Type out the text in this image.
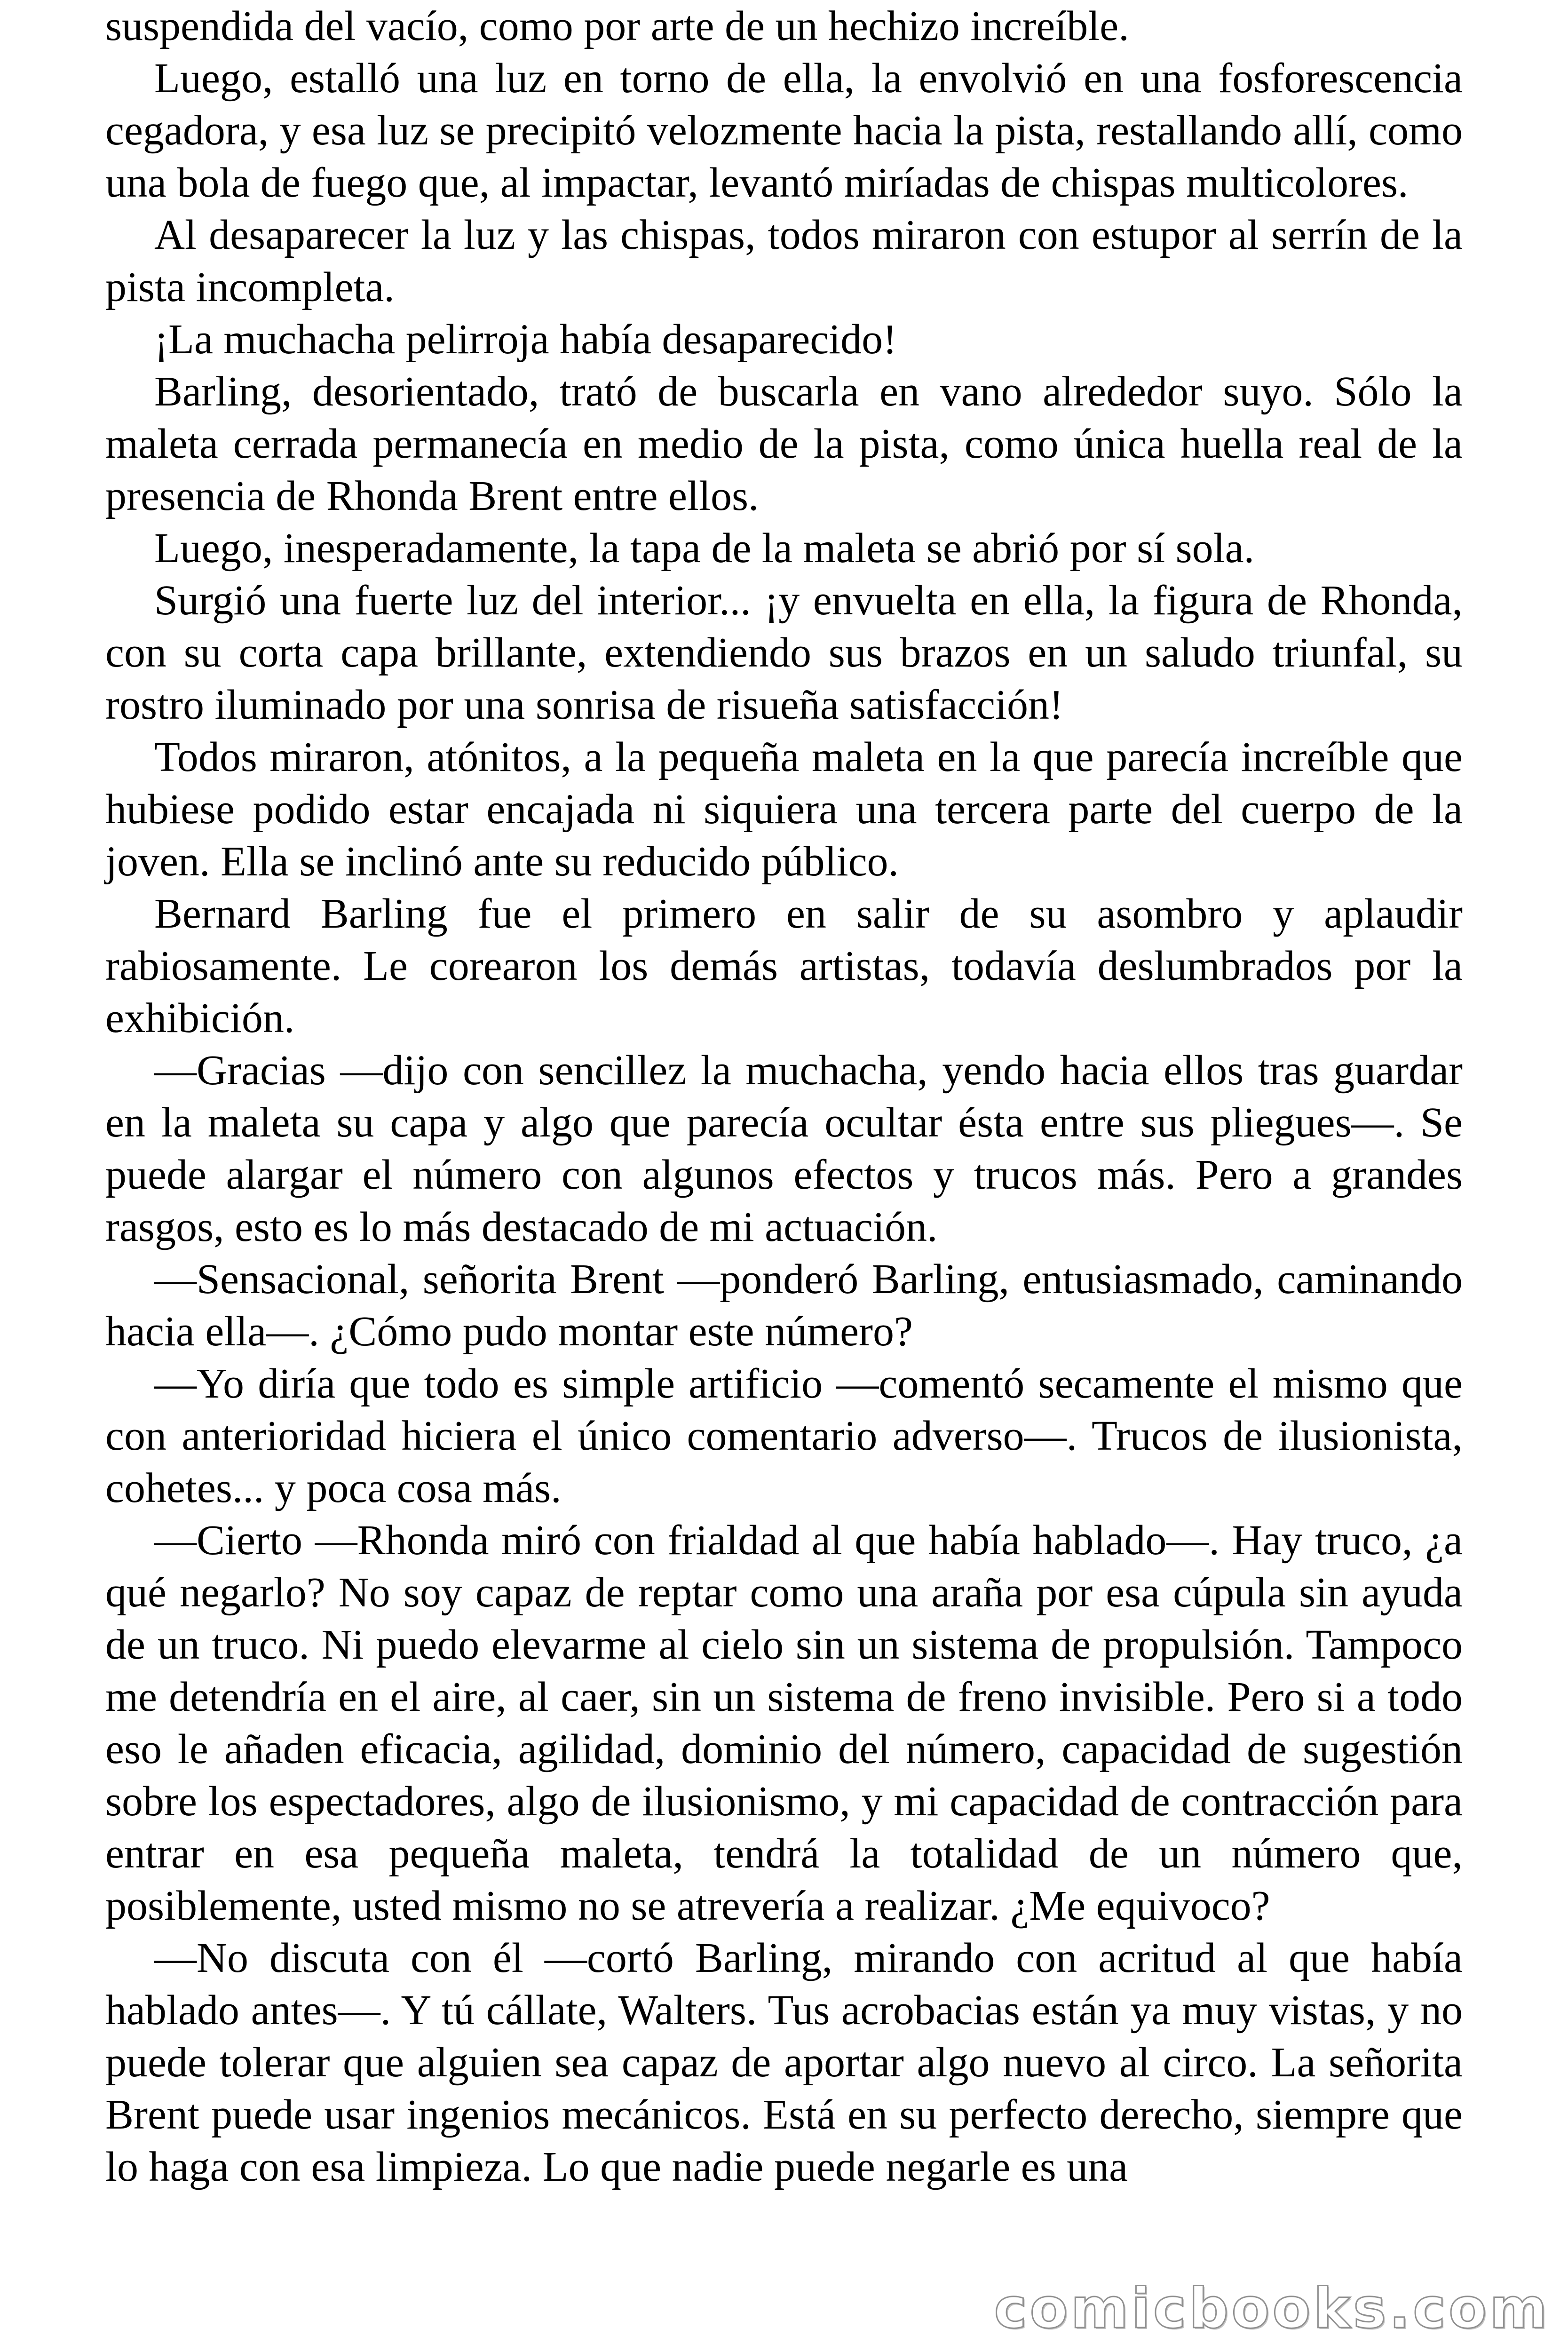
suspendida del vacío, como por arte de un hechizo increíble.

Luego, estalló una luz en torno de ella, la envolvió en una fosforescencia cegadora, y esa luz se precipitó velozmente hacia la pista, restallando allí, como una bola de fuego que, al impactar, levantó miríadas de chispas multicolores.

Al desaparecer la luz y las chispas, todos miraron con estupor al serrín de la pista incompleta.

¡La muchacha pelirroja había desaparecido!

Barling, desorientado, trató de buscarla en vano alrededor suyo. Sólo la maleta cerrada permanecía en medio de la pista, como única huella real de la presencia de Rhonda Brent entre ellos.

Luego, inesperadamente, la tapa de la maleta se abrió por sí sola.

Surgió una fuerte luz del interior... ¡y envuelta en ella, la figura de Rhonda, con su corta capa brillante, extendiendo sus brazos en un saludo triunfal, su rostro iluminado por una sonrisa de risueña satisfacción!

Todos miraron, atónitos, a la pequeña maleta en la que parecía increíble que hubiese podido estar encajada ni siquiera una tercera parte del cuerpo de la joven. Ella se inclinó ante su reducido público.

Bernard Barling fue el primero en salir de su asombro y aplaudir rabiosamente. Le corearon los demás artistas, todavía deslumbrados por la exhibición.

—Gracias —dijo con sencillez la muchacha, yendo hacia ellos tras guardar en la maleta su capa y algo que parecía ocultar ésta entre sus pliegues—. Se puede alargar el número con algunos efectos y trucos más. Pero a grandes rasgos, esto es lo más destacado de mi actuación.

—Sensacional, señorita Brent —ponderó Barling, entusiasmado, caminando hacia ella—. ¿Cómo pudo montar este número?

—Yo diría que todo es simple artificio —comentó secamente el mismo que con anterioridad hiciera el único comentario adverso—. Trucos de ilusionista, cohetes... y poca cosa más.

—Cierto —Rhonda miró con frialdad al que había hablado—. Hay truco, ¿a qué negarlo? No soy capaz de reptar como una araña por esa cúpula sin ayuda de un truco. Ni puedo elevarme al cielo sin un sistema de propulsión. Tampoco me detendría en el aire, al caer, sin un sistema de freno invisible. Pero si a todo eso le añaden eficacia, agilidad, dominio del número, capacidad de sugestión sobre los espectadores, algo de ilusionismo, y mi capacidad de contracción para entrar en esa pequeña maleta, tendrá la totalidad de un número que, posiblemente, usted mismo no se atrevería a realizar. ¿Me equivoco?

—No discuta con él —cortó Barling, mirando con acritud al que había hablado antes—. Y tú cállate, Walters. Tus acrobacias están ya muy vistas, y no puede tolerar que alguien sea capaz de aportar algo nuevo al circo. La señorita Brent puede usar ingenios mecánicos. Está en su perfecto derecho, siempre que lo haga con esa limpieza. Lo que nadie puede negarle es una

comicbooks.com
